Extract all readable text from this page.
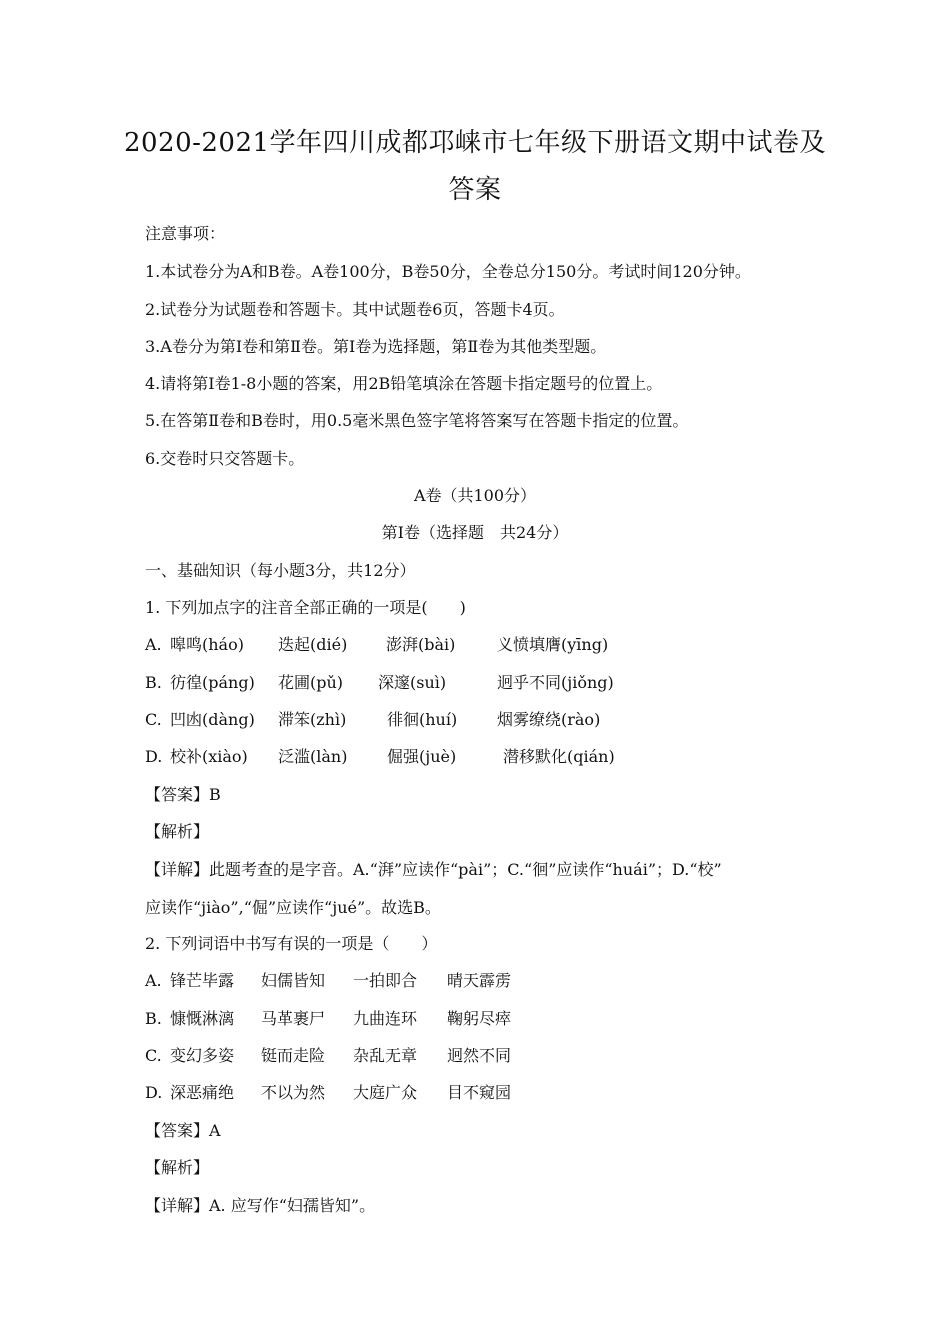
2020-2021学年四川成都邛崃市七年级下册语文期中试卷及
答案
注意事项：
1.本试卷分为A和B卷。A卷100分，B卷50分，全卷总分150分。考试时间120分钟。
2.试卷分为试题卷和答题卡。其中试题卷6页，答题卡4页。
3.A卷分为第Ⅰ卷和第Ⅱ卷。第Ⅰ卷为选择题，第Ⅱ卷为其他类型题。
4.请将第Ⅰ卷1-8小题的答案，用2B铅笔填涂在答题卡指定题号的位置上。
5.在答第Ⅱ卷和B卷时，用0.5毫米黑色签字笔将答案写在答题卡指定的位置。
6.交卷时只交答题卡。
A卷（共100分）
第Ⅰ卷（选择题　共24分）
一、基础知识（每小题3分，共12分）
1. 下列加点字的注音全部正确的一项是(　　)
A. 嗥鸣(háo) 迭起(dié) 澎湃(bài)	义愤填膺(yīng)
B. 彷徨(páng) 花圃(pǔ) 深邃(suì)	迥乎不同(jiǒng)
C. 凹凼(dàng) 滞笨(zhì)	徘徊(huí) 烟雾缭绕(rào)
D. 校补(xiào) 泛滥(làn) 倔强(juè)	潜移默化(qián)
【答案】B
【解析】
【详解】此题考查的是字音。A.“湃”应读作“pài”；C.“徊”应读作“huái”；D.“校”
应读作“jiào”,“倔”应读作“jué”。故选B。
2. 下列词语中书写有误的一项是（　　）
A. 锋芒毕露 妇儒皆知 一拍即合 晴天霹雳
B. 慷慨淋漓 马革裹尸 九曲连环 鞠躬尽瘁
C. 变幻多姿 铤而走险 杂乱无章 迥然不同
D. 深恶痛绝 不以为然 大庭广众 目不窥园
【答案】A
【解析】
【详解】A. 应写作“妇孺皆知”。
